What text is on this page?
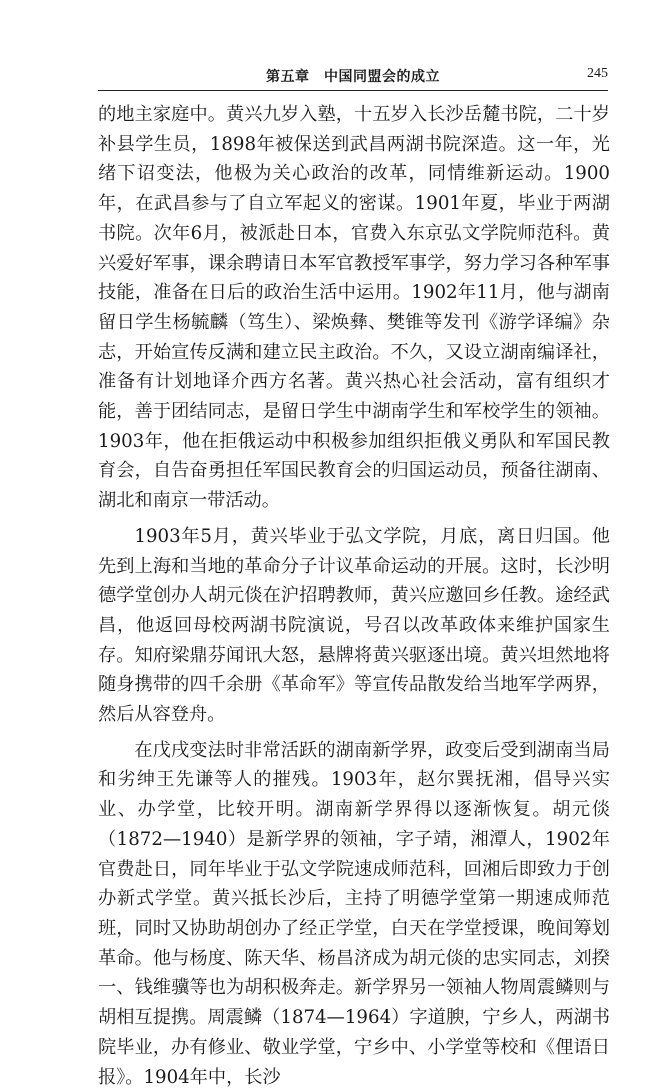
第五章　中国同盟会的成立	245

的地主家庭中。黄兴九岁入塾，十五岁入长沙岳麓书院，二十岁补县学生员，1898年被保送到武昌两湖书院深造。这一年，光绪下诏变法，他极为关心政治的改革，同情维新运动。1900年，在武昌参与了自立军起义的密谋。1901年夏，毕业于两湖书院。次年6月，被派赴日本，官费入东京弘文学院师范科。黄兴爱好军事，课余聘请日本军官教授军事学，努力学习各种军事技能，准备在日后的政治生活中运用。1902年11月，他与湖南留日学生杨毓麟（笃生）、梁焕彝、樊锥等发刊《游学译编》杂志，开始宣传反满和建立民主政治。不久，又设立湖南编译社，准备有计划地译介西方名著。黄兴热心社会活动，富有组织才能，善于团结同志，是留日学生中湖南学生和军校学生的领袖。1903年，他在拒俄运动中积极参加组织拒俄义勇队和军国民教育会，自告奋勇担任军国民教育会的归国运动员，预备往湖南、湖北和南京一带活动。

1903年5月，黄兴毕业于弘文学院，月底，离日归国。他先到上海和当地的革命分子计议革命运动的开展。这时，长沙明德学堂创办人胡元倓在沪招聘教师，黄兴应邀回乡任教。途经武昌，他返回母校两湖书院演说，号召以改革政体来维护国家生存。知府梁鼎芬闻讯大怒，悬牌将黄兴驱逐出境。黄兴坦然地将随身携带的四千余册《革命军》等宣传品散发给当地军学两界，然后从容登舟。

在戊戌变法时非常活跃的湖南新学界，政变后受到湖南当局和劣绅王先谦等人的摧残。1903年，赵尔巽抚湘，倡导兴实业、办学堂，比较开明。湖南新学界得以逐渐恢复。胡元倓（1872—1940）是新学界的领袖，字子靖，湘潭人，1902年官费赴日，同年毕业于弘文学院速成师范科，回湘后即致力于创办新式学堂。黄兴抵长沙后，主持了明德学堂第一期速成师范班，同时又协助胡创办了经正学堂，白天在学堂授课，晚间筹划革命。他与杨度、陈天华、杨昌济成为胡元倓的忠实同志，刘揆一、钱维骥等也为胡积极奔走。新学界另一领袖人物周震鳞则与胡相互提携。周震鳞（1874—1964）字道腴，宁乡人，两湖书院毕业，办有修业、敬业学堂，宁乡中、小学堂等校和《俚语日报》。1904年中，长沙
